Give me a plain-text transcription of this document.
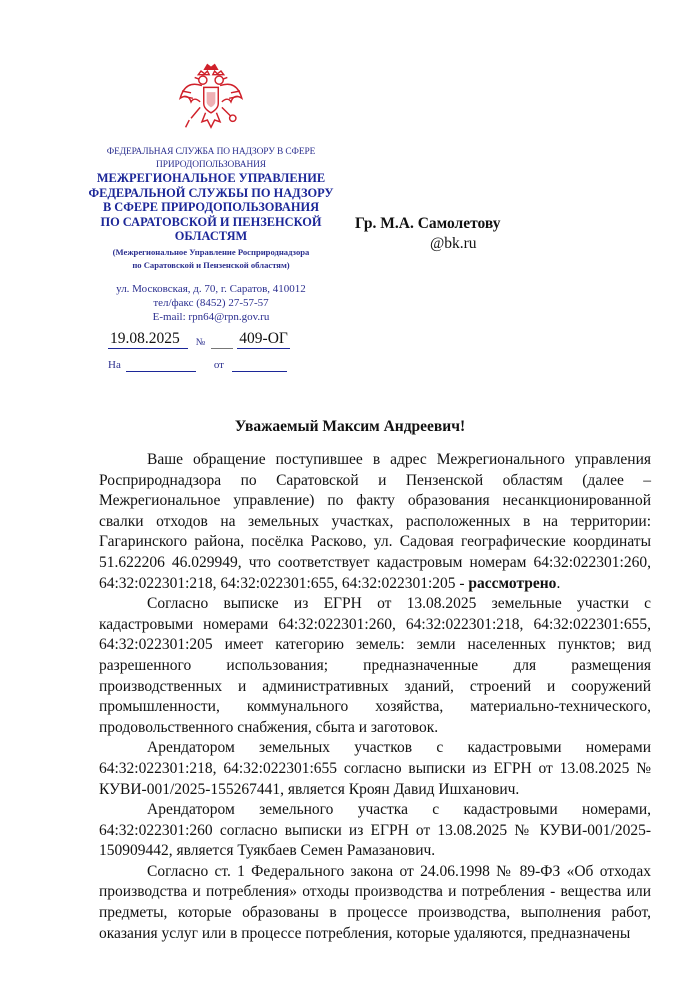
ФЕДЕРАЛЬНАЯ СЛУЖБА ПО НАДЗОРУ В СФЕРЕ
ПРИРОДОПОЛЬЗОВАНИЯ
МЕЖРЕГИОНАЛЬНОЕ УПРАВЛЕНИЕ
ФЕДЕРАЛЬНОЙ СЛУЖБЫ ПО НАДЗОРУ
В СФЕРЕ ПРИРОДОПОЛЬЗОВАНИЯ
ПО САРАТОВСКОЙ И ПЕНЗЕНСКОЙ
ОБЛАСТЯМ
(Межрегиональное Управление Росприроднадзора
по Саратовской и Пензенской областям)
ул. Московская, д. 70, г. Саратов, 410012
тел/факс (8452) 27-57-57
E-mail: rpn64@rpn.gov.ru
19.08.2025 № 409-ОГ
На	от
Гр. М.А. Самолетову
@bk.ru
Уважаемый Максим Андреевич!

Ваше обращение поступившее в адрес Межрегионального управления Росприроднадзора по Саратовской и Пензенской областям (далее – Межрегиональное управление) по факту образования несанкционированной свалки отходов на земельных участках, расположенных в на территории: Гагаринского района, посёлка Расково, ул. Садовая географические координаты 51.622206 46.029949, что соответствует кадастровым номерам 64:32:022301:260, 64:32:022301:218, 64:32:022301:655, 64:32:022301:205 - рассмотрено.

Согласно выписке из ЕГРН от 13.08.2025 земельные участки с кадастровыми номерами 64:32:022301:260, 64:32:022301:218, 64:32:022301:655, 64:32:022301:205 имеет категорию земель: земли населенных пунктов; вид разрешенного использования; предназначенные для размещения производственных и административных зданий, строений и сооружений промышленности, коммунального хозяйства, материально-технического, продовольственного снабжения, сбыта и заготовок.

Арендатором земельных участков с кадастровыми номерами 64:32:022301:218, 64:32:022301:655 согласно выписки из ЕГРН от 13.08.2025 № КУВИ-001/2025-155267441, является Кроян Давид Ишханович.

Арендатором земельного участка с кадастровыми номерами, 64:32:022301:260 согласно выписки из ЕГРН от 13.08.2025 № КУВИ-001/2025-150909442, является Туякбаев Семен Рамазанович.

Согласно ст. 1 Федерального закона от 24.06.1998 № 89-ФЗ «Об отходах производства и потребления» отходы производства и потребления - вещества или предметы, которые образованы в процессе производства, выполнения работ, оказания услуг или в процессе потребления, которые удаляются, предназначены
